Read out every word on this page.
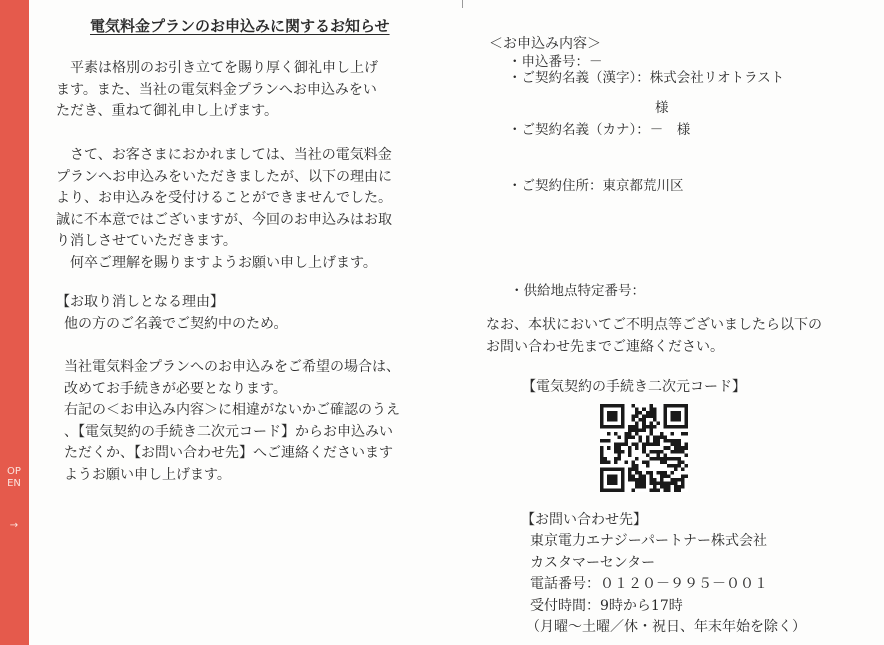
OPEN
→

電気料金プランのお申込みに関するお知らせ

　平素は格別のお引き立てを賜り厚く御礼申し上げ

ます。また、当社の電気料金プランへお申込みをい

ただき、重ねて御礼申し上げます。

　さて、お客さまにおかれましては、当社の電気料金

プランへお申込みをいただきましたが、以下の理由に

より、お申込みを受付けることができませんでした。

誠に不本意ではございますが、今回のお申込みはお取

り消しさせていただきます。

　何卒ご理解を賜りますようお願い申し上げます。

【お取り消しとなる理由】

他の方のご名義でご契約中のため。

当社電気料金プランへのお申込みをご希望の場合は、

改めてお手続きが必要となります。

右記の＜お申込み内容＞に相違がないかご確認のうえ

、【電気契約の手続き二次元コード】からお申込みい

ただくか、【お問い合わせ先】へご連絡くださいます

ようお願い申し上げます。

＜お申込み内容＞

・申込番号：－

・ご契約名義（漢字）：株式会社リオトラスト

様

・ご契約名義（カナ）：－　様

・ご契約住所：東京都荒川区

・供給地点特定番号：

なお、本状においてご不明点等ございましたら以下の

お問い合わせ先までご連絡ください。

【電気契約の手続き二次元コード】

【お問い合わせ先】

東京電力エナジーパートナー株式会社

カスタマーセンター

電話番号：０１２０－９９５－００１

受付時間：9時から17時

（月曜～土曜／休・祝日、年末年始を除く）
